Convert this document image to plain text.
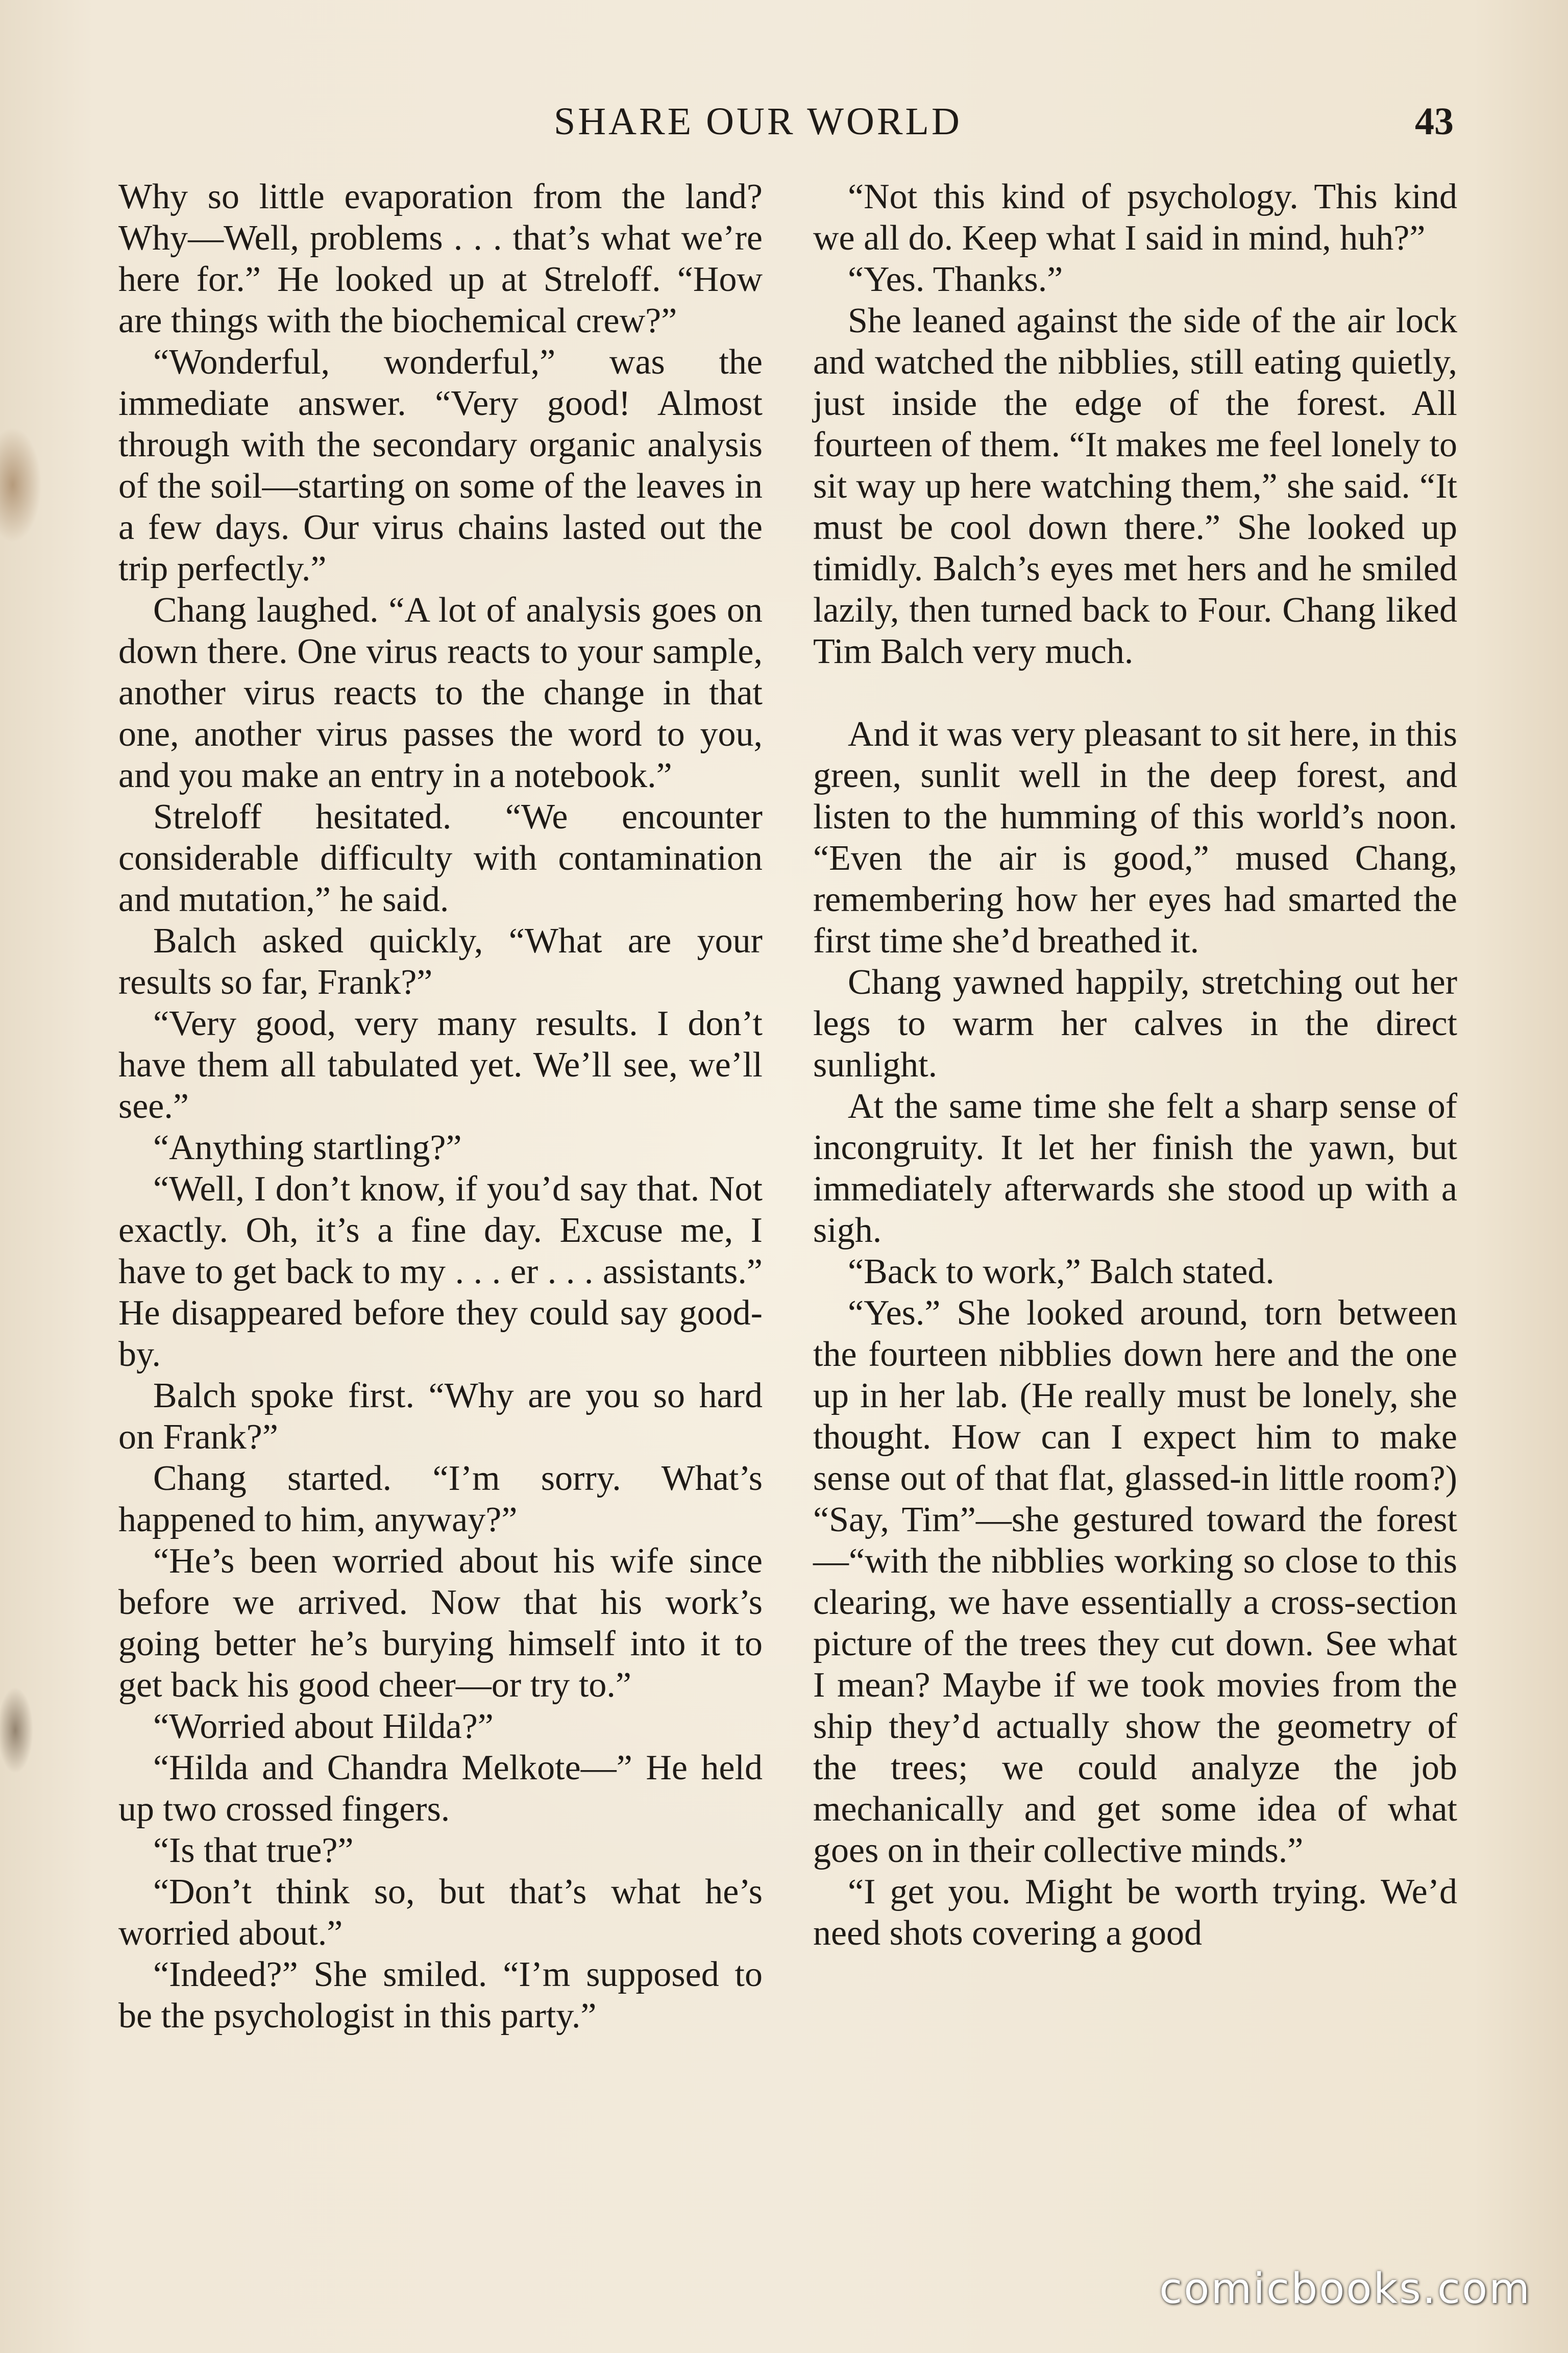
SHARE OUR WORLD	43

Why so little evaporation from the land? Why—Well, problems . . . that’s what we’re here for.” He looked up at Streloff. “How are things with the biochemical crew?”

“Wonderful, wonderful,” was the immediate answer. “Very good! Almost through with the secondary organic analysis of the soil—starting on some of the leaves in a few days. Our virus chains lasted out the trip perfectly.”

Chang laughed. “A lot of analysis goes on down there. One virus reacts to your sample, another virus reacts to the change in that one, another virus passes the word to you, and you make an entry in a notebook.”

Streloff hesitated. “We encounter considerable difficulty with contamination and mutation,” he said.

Balch asked quickly, “What are your results so far, Frank?”

“Very good, very many results. I don’t have them all tabulated yet. We’ll see, we’ll see.”

“Anything startling?”

“Well, I don’t know, if you’d say that. Not exactly. Oh, it’s a fine day. Excuse me, I have to get back to my . . . er . . . assistants.” He disappeared before they could say good-by.

Balch spoke first. “Why are you so hard on Frank?”

Chang started. “I’m sorry. What’s happened to him, anyway?”

“He’s been worried about his wife since before we arrived. Now that his work’s going better he’s burying himself into it to get back his good cheer—or try to.”

“Worried about Hilda?”

“Hilda and Chandra Melkote—” He held up two crossed fingers.

“Is that true?”

“Don’t think so, but that’s what he’s worried about.”

“Indeed?” She smiled. “I’m supposed to be the psychologist in this party.”

“Not this kind of psychology. This kind we all do. Keep what I said in mind, huh?”

“Yes. Thanks.”

She leaned against the side of the air lock and watched the nibblies, still eating quietly, just inside the edge of the forest. All fourteen of them. “It makes me feel lonely to sit way up here watching them,” she said. “It must be cool down there.” She looked up timidly. Balch’s eyes met hers and he smiled lazily, then turned back to Four. Chang liked Tim Balch very much.

And it was very pleasant to sit here, in this green, sunlit well in the deep forest, and listen to the humming of this world’s noon. “Even the air is good,” mused Chang, remembering how her eyes had smarted the first time she’d breathed it.

Chang yawned happily, stretching out her legs to warm her calves in the direct sunlight.

At the same time she felt a sharp sense of incongruity. It let her finish the yawn, but immediately afterwards she stood up with a sigh.

“Back to work,” Balch stated.

“Yes.” She looked around, torn between the fourteen nibblies down here and the one up in her lab. (He really must be lonely, she thought. How can I expect him to make sense out of that flat, glassed-in little room?) “Say, Tim”—she gestured toward the forest—“with the nibblies working so close to this clearing, we have essentially a cross-section picture of the trees they cut down. See what I mean? Maybe if we took movies from the ship they’d actually show the geometry of the trees; we could analyze the job mechanically and get some idea of what goes on in their collective minds.”

“I get you. Might be worth trying. We’d need shots covering a good

comicbooks.com
